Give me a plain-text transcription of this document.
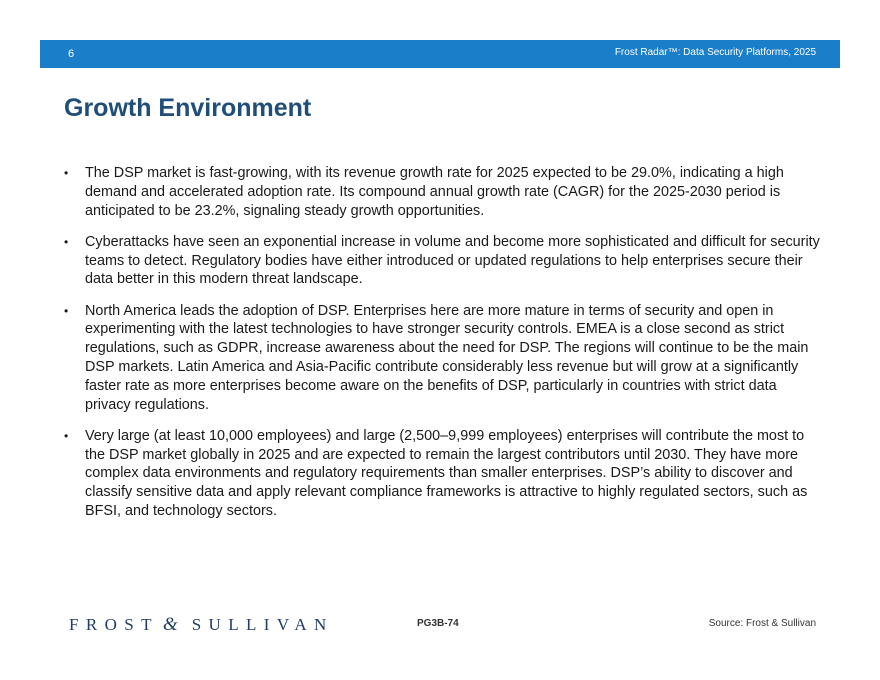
6	Frost Radar™: Data Security Platforms, 2025
Growth Environment
• The DSP market is fast-growing, with its revenue growth rate for 2025 expected to be 29.0%, indicating a high demand and accelerated adoption rate. Its compound annual growth rate (CAGR) for the 2025-2030 period is anticipated to be 23.2%, signaling steady growth opportunities.
• Cyberattacks have seen an exponential increase in volume and become more sophisticated and difficult for security teams to detect. Regulatory bodies have either introduced or updated regulations to help enterprises secure their data better in this modern threat landscape.
• North America leads the adoption of DSP. Enterprises here are more mature in terms of security and open in experimenting with the latest technologies to have stronger security controls. EMEA is a close second as strict regulations, such as GDPR, increase awareness about the need for DSP. The regions will continue to be the main DSP markets. Latin America and Asia-Pacific contribute considerably less revenue but will grow at a significantly faster rate as more enterprises become aware on the benefits of DSP, particularly in countries with strict data privacy regulations.
• Very large (at least 10,000 employees) and large (2,500–9,999 employees) enterprises will contribute the most to the DSP market globally in 2025 and are expected to remain the largest contributors until 2030. They have more complex data environments and regulatory requirements than smaller enterprises. DSP’s ability to discover and classify sensitive data and apply relevant compliance frameworks is attractive to highly regulated sectors, such as BFSI, and technology sectors.
FROST & SULLIVAN	PG3B-74	Source: Frost & Sullivan
